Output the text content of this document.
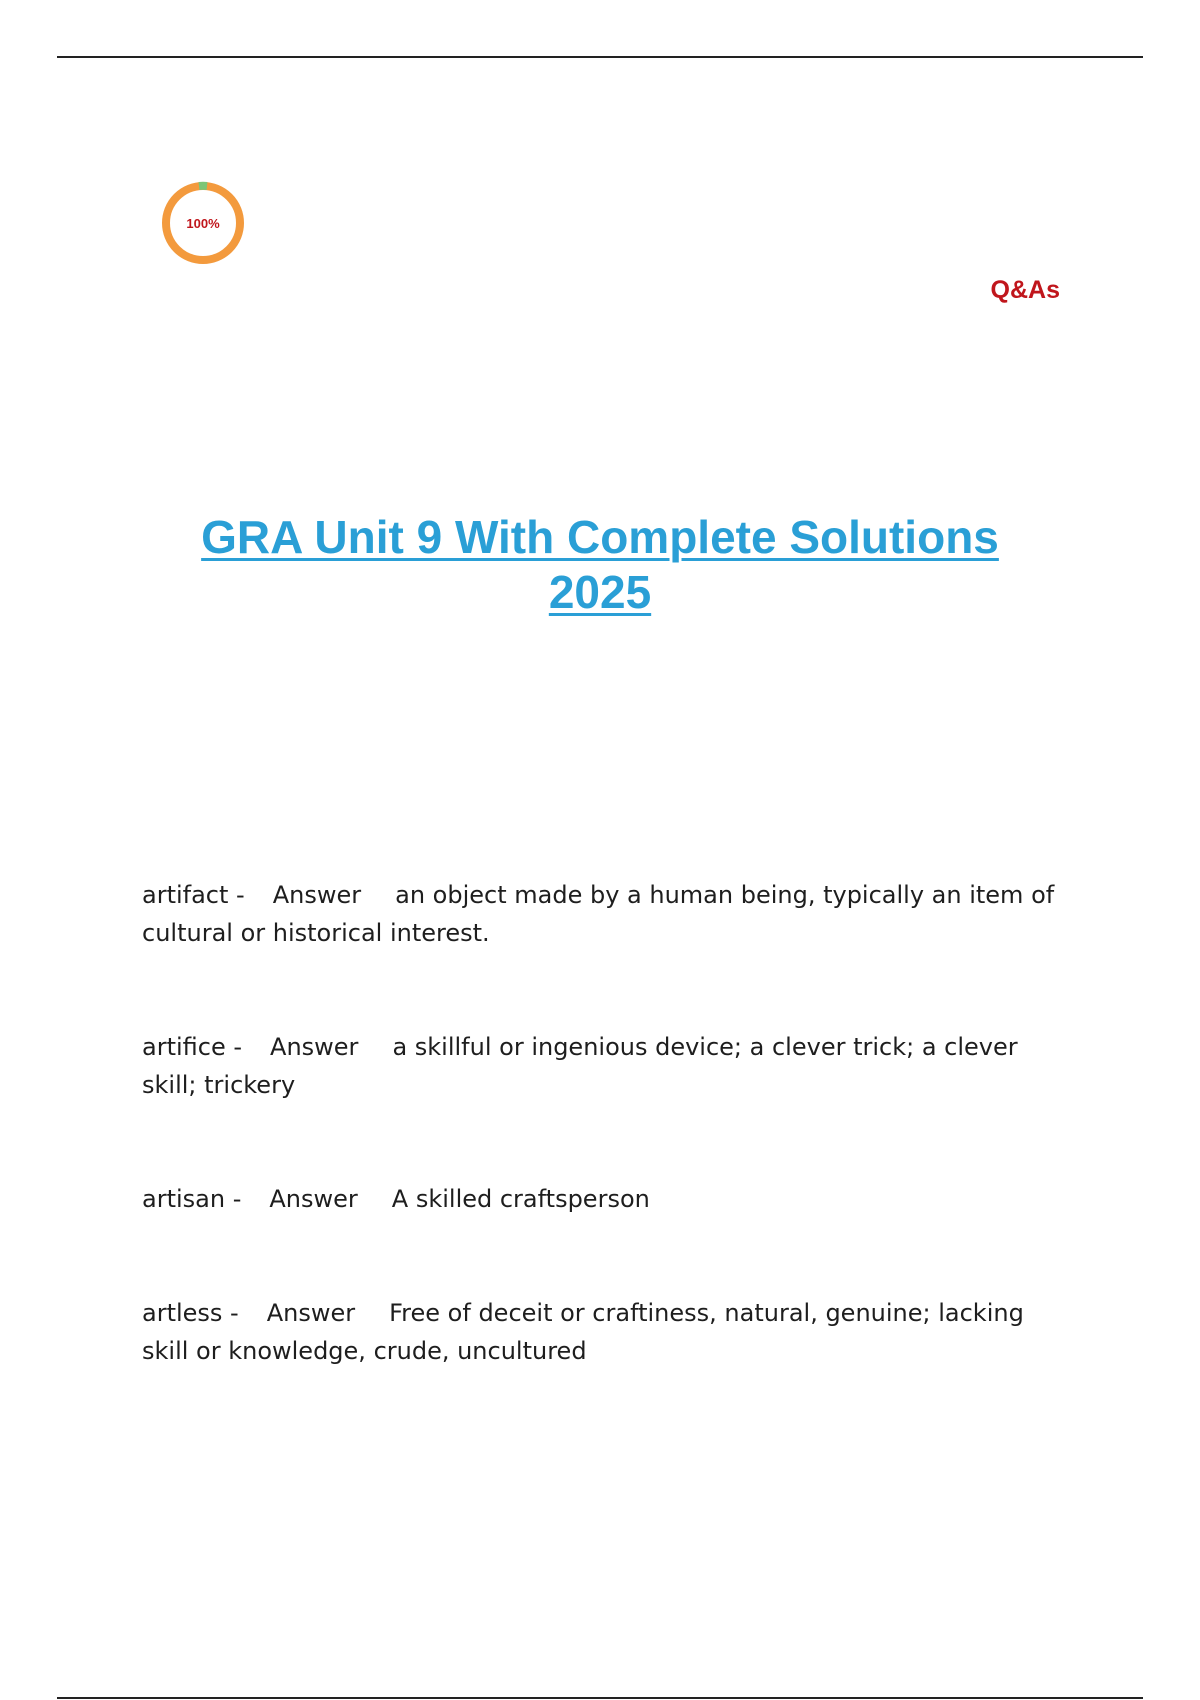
100%
Q&As
GRA Unit 9 With Complete Solutions
2025
artifact - Answer an object made by a human being, typically an item of cultural or historical interest.
artifice - Answer a skillful or ingenious device; a clever trick; a clever skill; trickery
artisan - Answer A skilled craftsperson
artless - Answer Free of deceit or craftiness, natural, genuine; lacking skill or knowledge, crude, uncultured
